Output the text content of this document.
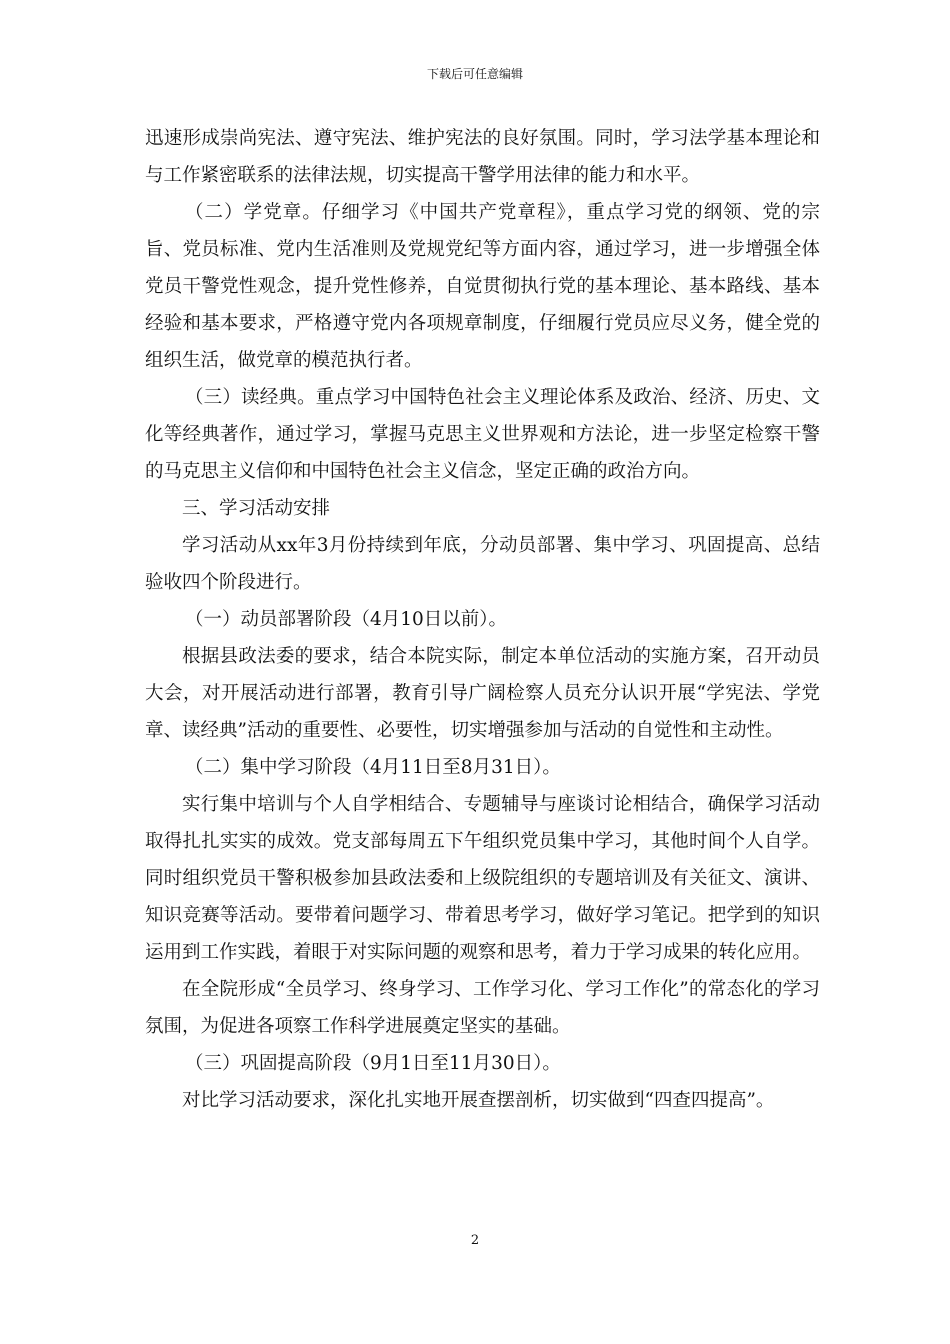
下载后可任意编辑

迅速形成崇尚宪法、遵守宪法、维护宪法的良好氛围。同时，学习法学基本理论和与工作紧密联系的法律法规，切实提高干警学用法律的能力和水平。

（二）学党章。仔细学习《中国共产党章程》，重点学习党的纲领、党的宗旨、党员标准、党内生活准则及党规党纪等方面内容，通过学习，进一步增强全体党员干警党性观念，提升党性修养，自觉贯彻执行党的基本理论、基本路线、基本经验和基本要求，严格遵守党内各项规章制度，仔细履行党员应尽义务，健全党的组织生活，做党章的模范执行者。

（三）读经典。重点学习中国特色社会主义理论体系及政治、经济、历史、文化等经典著作，通过学习，掌握马克思主义世界观和方法论，进一步坚定检察干警的马克思主义信仰和中国特色社会主义信念，坚定正确的政治方向。

三、学习活动安排

学习活动从xx年3月份持续到年底，分动员部署、集中学习、巩固提高、总结验收四个阶段进行。

（一）动员部署阶段（4月10日以前）。

根据县政法委的要求，结合本院实际，制定本单位活动的实施方案，召开动员大会，对开展活动进行部署，教育引导广阔检察人员充分认识开展“学宪法、学党章、读经典”活动的重要性、必要性，切实增强参加与活动的自觉性和主动性。

（二）集中学习阶段（4月11日至8月31日）。

实行集中培训与个人自学相结合、专题辅导与座谈讨论相结合，确保学习活动取得扎扎实实的成效。党支部每周五下午组织党员集中学习，其他时间个人自学。同时组织党员干警积极参加县政法委和上级院组织的专题培训及有关征文、演讲、知识竞赛等活动。要带着问题学习、带着思考学习，做好学习笔记。把学到的知识运用到工作实践，着眼于对实际问题的观察和思考，着力于学习成果的转化应用。

在全院形成“全员学习、终身学习、工作学习化、学习工作化”的常态化的学习氛围，为促进各项察工作科学进展奠定坚实的基础。

（三）巩固提高阶段（9月1日至11月30日）。

对比学习活动要求，深化扎实地开展查摆剖析，切实做到“四查四提高”。

2
